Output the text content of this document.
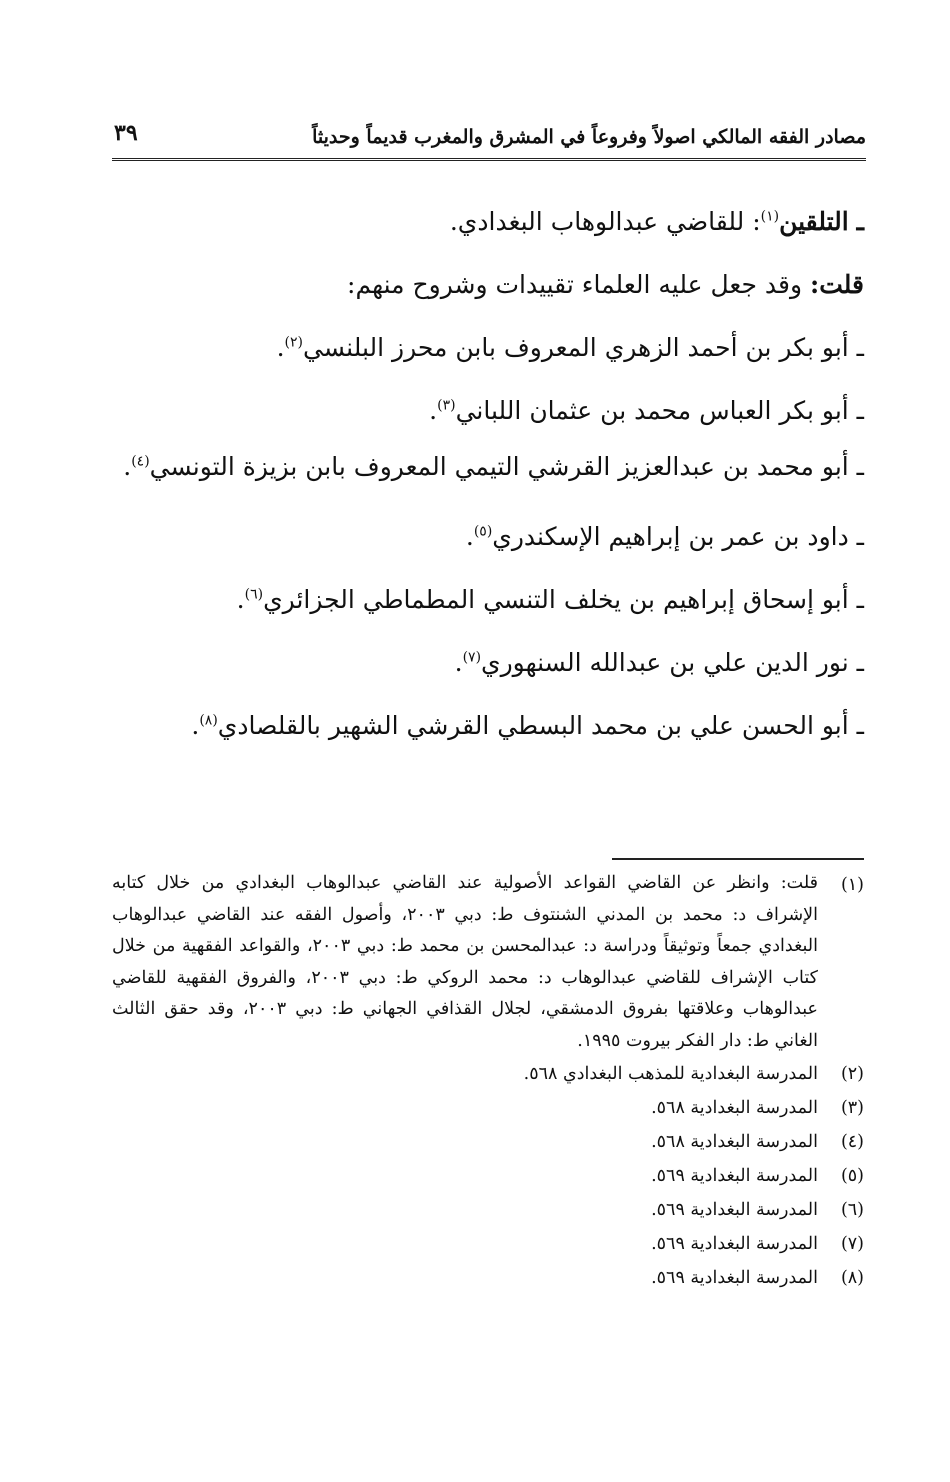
مصادر الفقه المالكي اصولاً وفروعاً في المشرق والمغرب قديماً وحديثاً
٣٩

ـ التلقين$^{(١)}$: للقاضي عبدالوهاب البغدادي.

قلت: وقد جعل عليه العلماء تقييدات وشروح منهم:

ـ أبو بكر بن أحمد الزهري المعروف بابن محرز البلنسي$^{(٢)}$.

ـ أبو بكر العباس محمد بن عثمان اللباني$^{(٣)}$.

ـ أبو محمد بن عبدالعزيز القرشي التيمي المعروف بابن بزيزة التونسي$^{(٤)}$.

ـ داود بن عمر بن إبراهيم الإسكندري$^{(٥)}$.

ـ أبو إسحاق إبراهيم بن يخلف التنسي المطماطي الجزائري$^{(٦)}$.

ـ نور الدين علي بن عبدالله السنهوري$^{(٧)}$.

ـ أبو الحسن علي بن محمد البسطي القرشي الشهير بالقلصادي$^{(٨)}$.

(١)
قلت: وانظر عن القاضي القواعد الأصولية عند القاضي عبدالوهاب البغدادي من خلال كتابه الإشراف د: محمد بن المدني الشنتوف ط: دبي ٢٠٠٣، وأصول الفقه عند القاضي عبدالوهاب البغدادي جمعاً وتوثيقاً ودراسة د: عبدالمحسن بن محمد ط: دبي ٢٠٠٣، والقواعد الفقهية من خلال كتاب الإشراف للقاضي عبدالوهاب د: محمد الروكي ط: دبي ٢٠٠٣، والفروق الفقهية للقاضي عبدالوهاب وعلاقتها بفروق الدمشقي، لجلال القذافي الجهاني ط: دبي ٢٠٠٣، وقد حقق الثالث الغاني ط: دار الفكر بيروت ١٩٩٥.
(٢)
المدرسة البغدادية للمذهب البغدادي ٥٦٨.
(٣)
المدرسة البغدادية ٥٦٨.
(٤)
المدرسة البغدادية ٥٦٨.
(٥)
المدرسة البغدادية ٥٦٩.
(٦)
المدرسة البغدادية ٥٦٩.
(٧)
المدرسة البغدادية ٥٦٩.
(٨)
المدرسة البغدادية ٥٦٩.
